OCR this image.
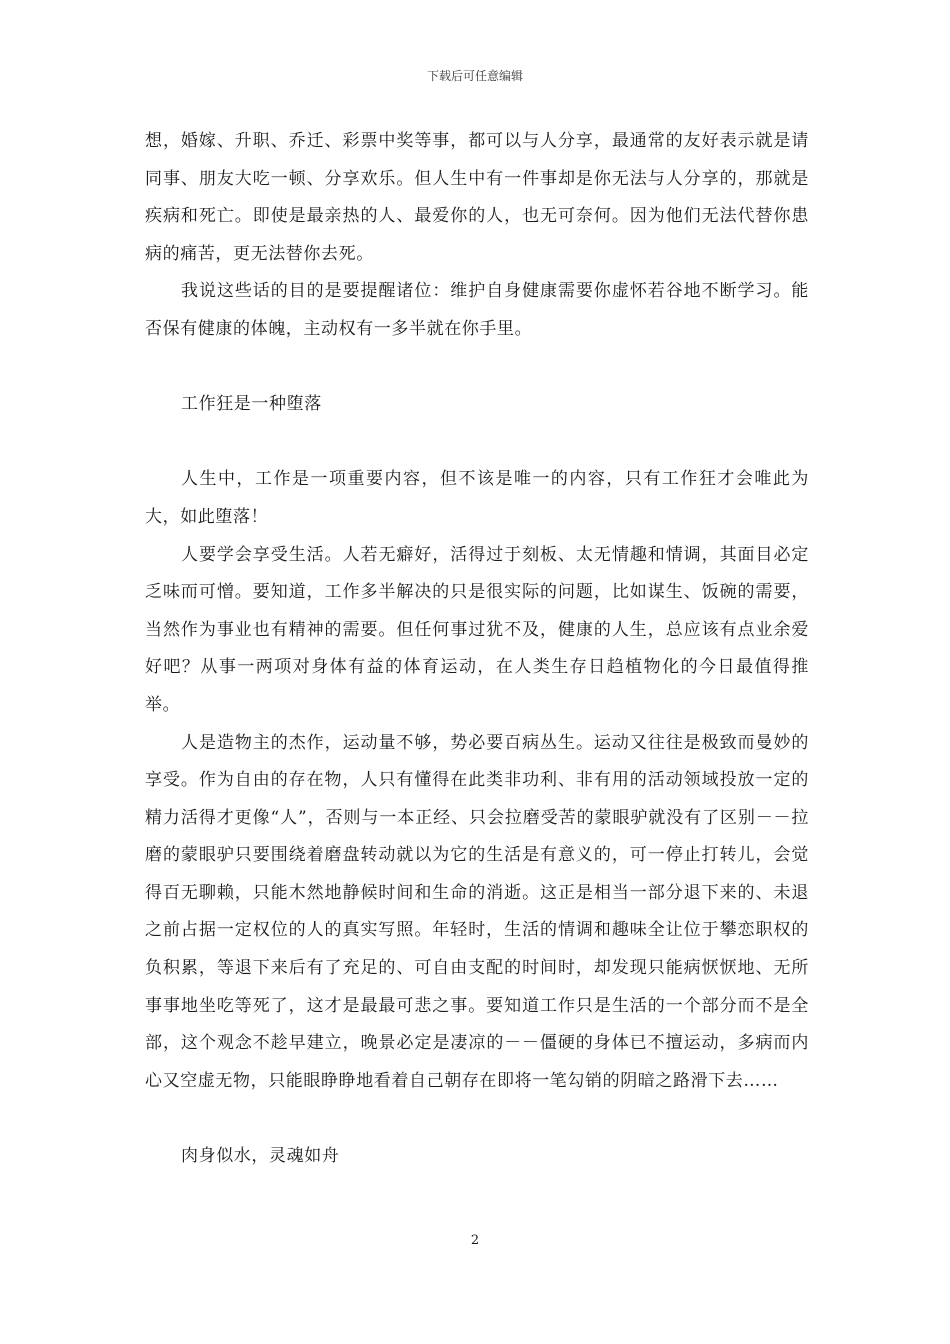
下载后可任意编辑

想，婚嫁、升职、乔迁、彩票中奖等事，都可以与人分享，最通常的友好表示就是请同事、朋友大吃一顿、分享欢乐。但人生中有一件事却是你无法与人分享的，那就是疾病和死亡。即使是最亲热的人、最爱你的人，也无可奈何。因为他们无法代替你患病的痛苦，更无法替你去死。

我说这些话的目的是要提醒诸位：维护自身健康需要你虚怀若谷地不断学习。能否保有健康的体魄，主动权有一多半就在你手里。

工作狂是一种堕落

人生中，工作是一项重要内容，但不该是唯一的内容，只有工作狂才会唯此为大，如此堕落！

人要学会享受生活。人若无癖好，活得过于刻板、太无情趣和情调，其面目必定乏味而可憎。要知道，工作多半解决的只是很实际的问题，比如谋生、饭碗的需要，当然作为事业也有精神的需要。但任何事过犹不及，健康的人生，总应该有点业余爱好吧？从事一两项对身体有益的体育运动，在人类生存日趋植物化的今日最值得推举。

人是造物主的杰作，运动量不够，势必要百病丛生。运动又往往是极致而曼妙的享受。作为自由的存在物，人只有懂得在此类非功利、非有用的活动领域投放一定的精力活得才更像“人”，否则与一本正经、只会拉磨受苦的蒙眼驴就没有了区别－－拉磨的蒙眼驴只要围绕着磨盘转动就以为它的生活是有意义的，可一停止打转儿，会觉得百无聊赖，只能木然地静候时间和生命的消逝。这正是相当一部分退下来的、未退之前占据一定权位的人的真实写照。年轻时，生活的情调和趣味全让位于攀恋职权的负积累，等退下来后有了充足的、可自由支配的时间时，却发现只能病恹恹地、无所事事地坐吃等死了，这才是最最可悲之事。要知道工作只是生活的一个部分而不是全部，这个观念不趁早建立，晚景必定是凄凉的－－僵硬的身体已不擅运动，多病而内心又空虚无物，只能眼睁睁地看着自己朝存在即将一笔勾销的阴暗之路滑下去……

肉身似水，灵魂如舟

2
